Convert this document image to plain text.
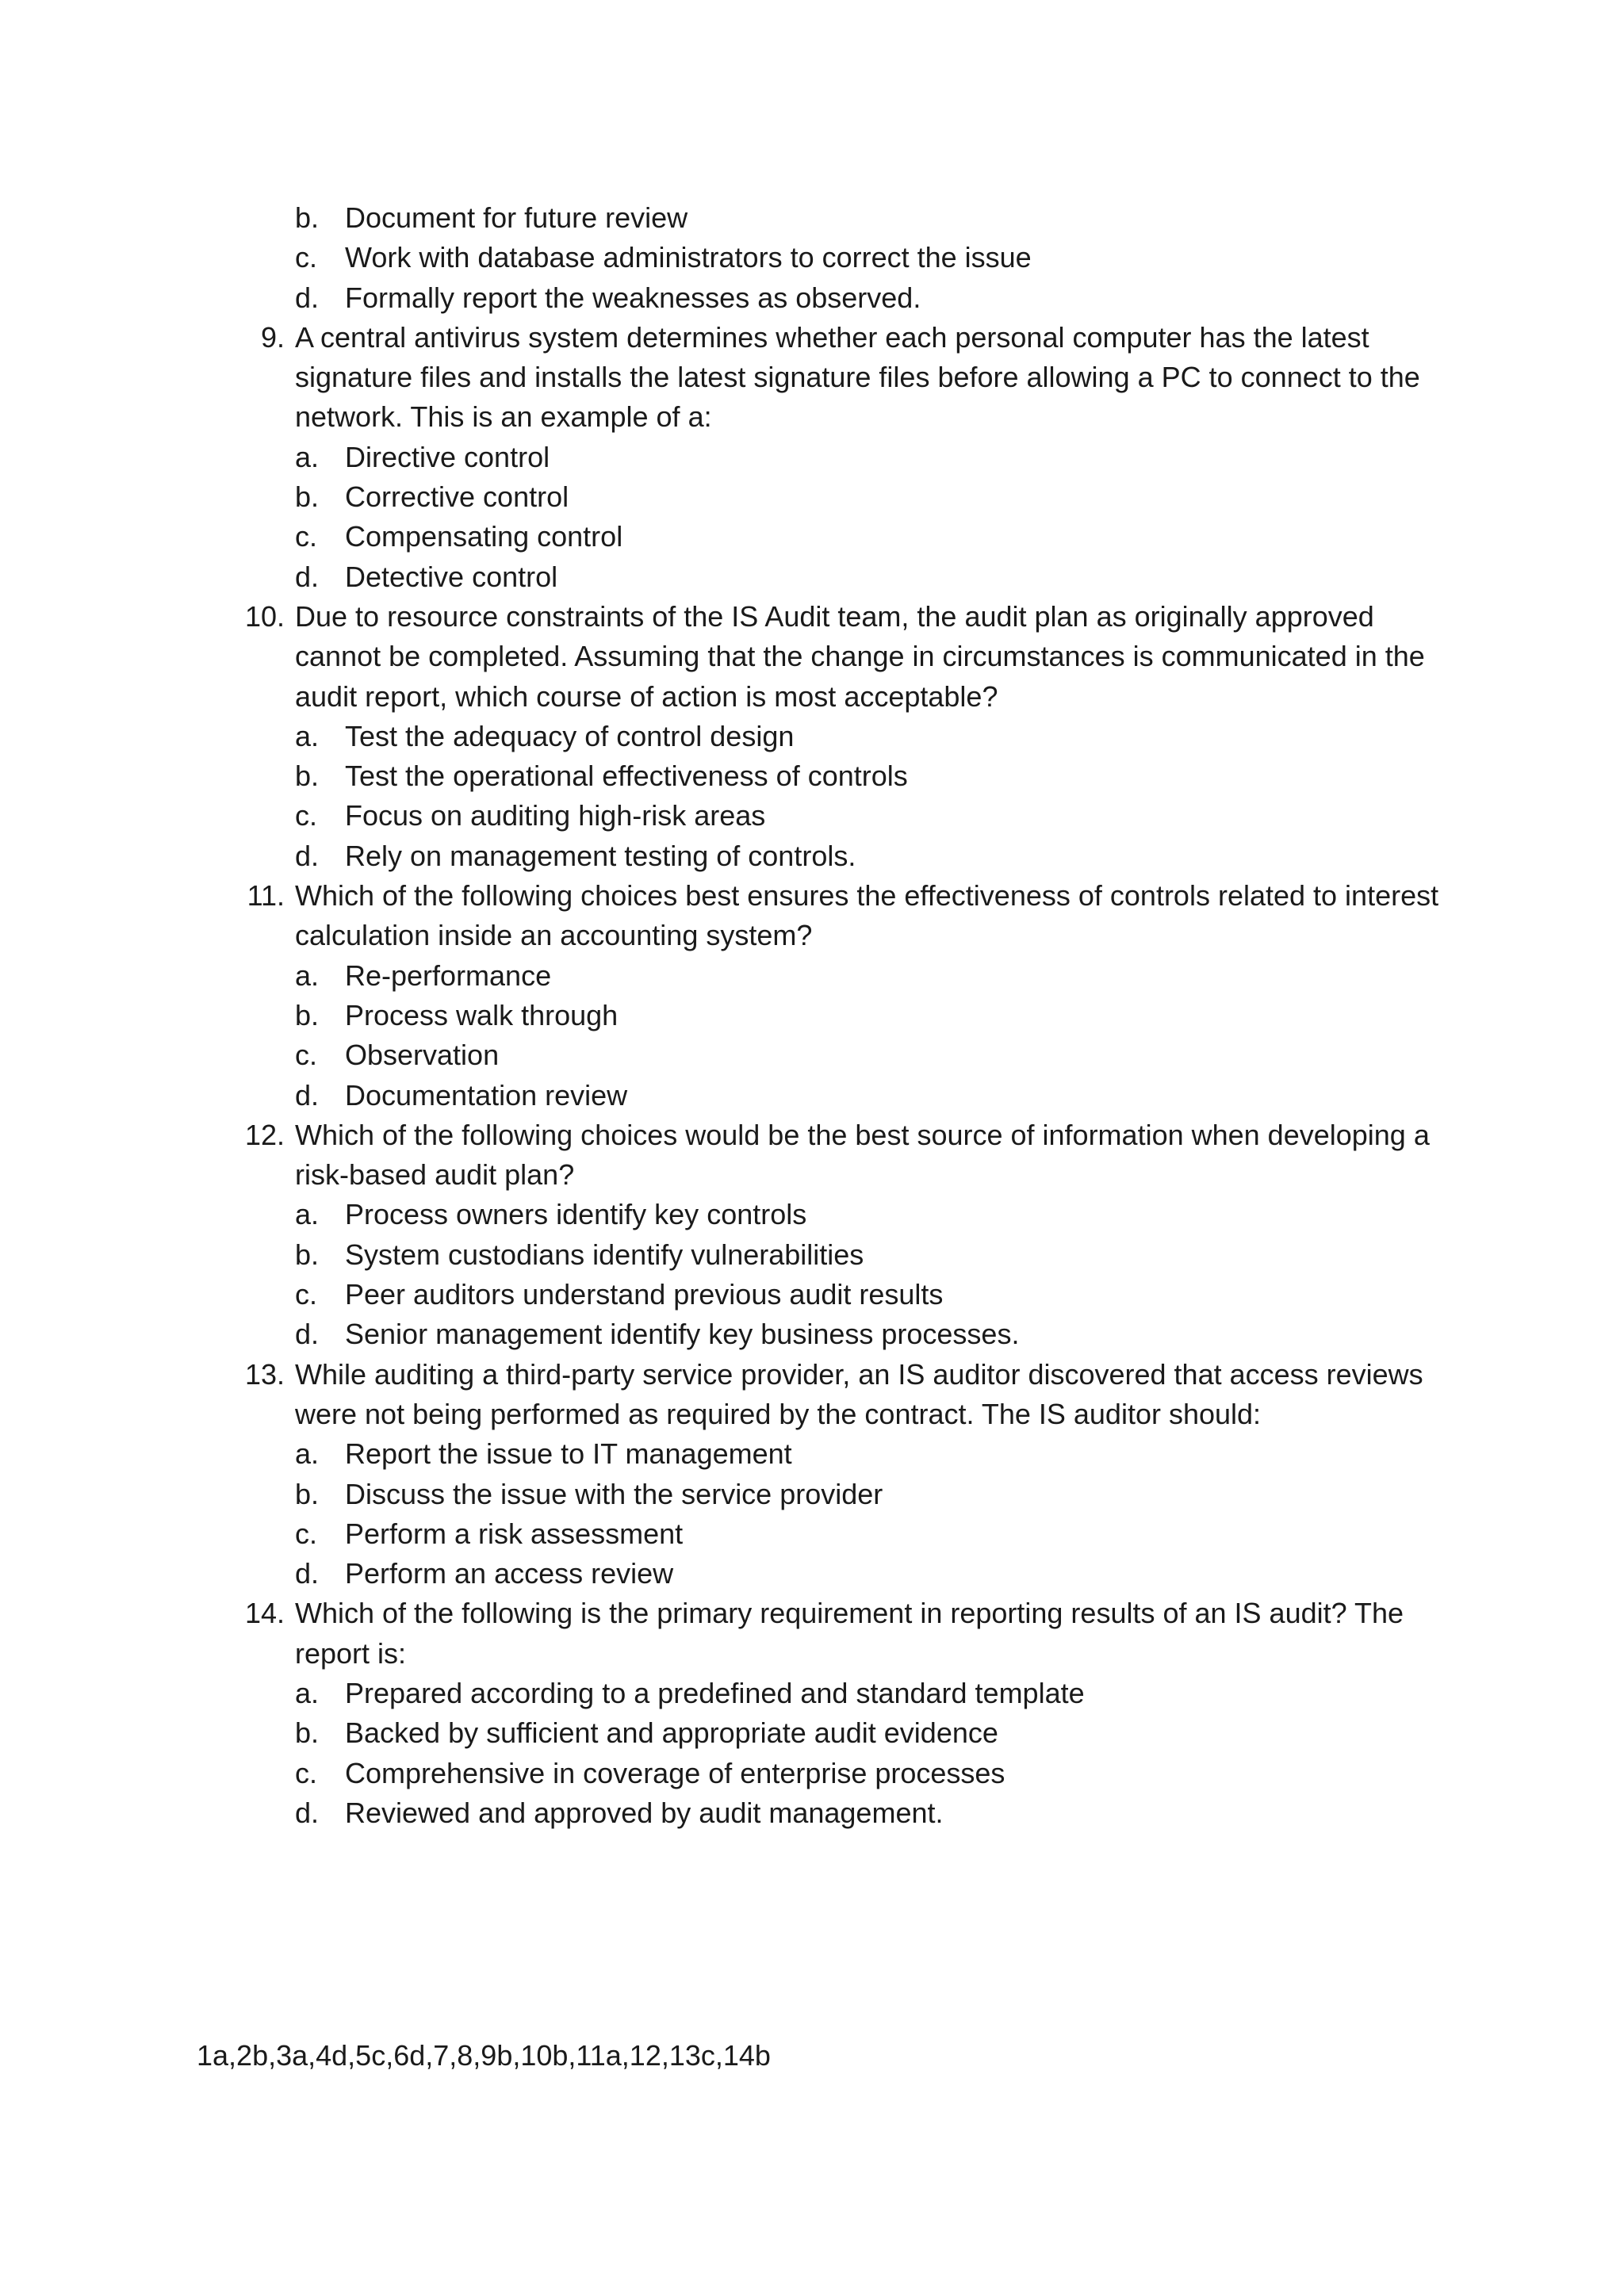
b. Document for future review
c. Work with database administrators to correct the issue
d. Formally report the weaknesses as observed.
9. A central antivirus system determines whether each personal computer has the latest
signature files and installs the latest signature files before allowing a PC to connect to the
network. This is an example of a:
a. Directive control
b. Corrective control
c. Compensating control
d. Detective control
10. Due to resource constraints of the IS Audit team, the audit plan as originally approved
cannot be completed. Assuming that the change in circumstances is communicated in the
audit report, which course of action is most acceptable?
a. Test the adequacy of control design
b. Test the operational effectiveness of controls
c. Focus on auditing high-risk areas
d. Rely on management testing of controls.
11. Which of the following choices best ensures the effectiveness of controls related to interest
calculation inside an accounting system?
a. Re-performance
b. Process walk through
c. Observation
d. Documentation review
12. Which of the following choices would be the best source of information when developing a
risk-based audit plan?
a. Process owners identify key controls
b. System custodians identify vulnerabilities
c. Peer auditors understand previous audit results
d. Senior management identify key business processes.
13. While auditing a third-party service provider, an IS auditor discovered that access reviews
were not being performed as required by the contract. The IS auditor should:
a. Report the issue to IT management
b. Discuss the issue with the service provider
c. Perform a risk assessment
d. Perform an access review
14. Which of the following is the primary requirement in reporting results of an IS audit? The
report is:
a. Prepared according to a predefined and standard template
b. Backed by sufficient and appropriate audit evidence
c. Comprehensive in coverage of enterprise processes
d. Reviewed and approved by audit management.
1a,2b,3a,4d,5c,6d,7,8,9b,10b,11a,12,13c,14b
